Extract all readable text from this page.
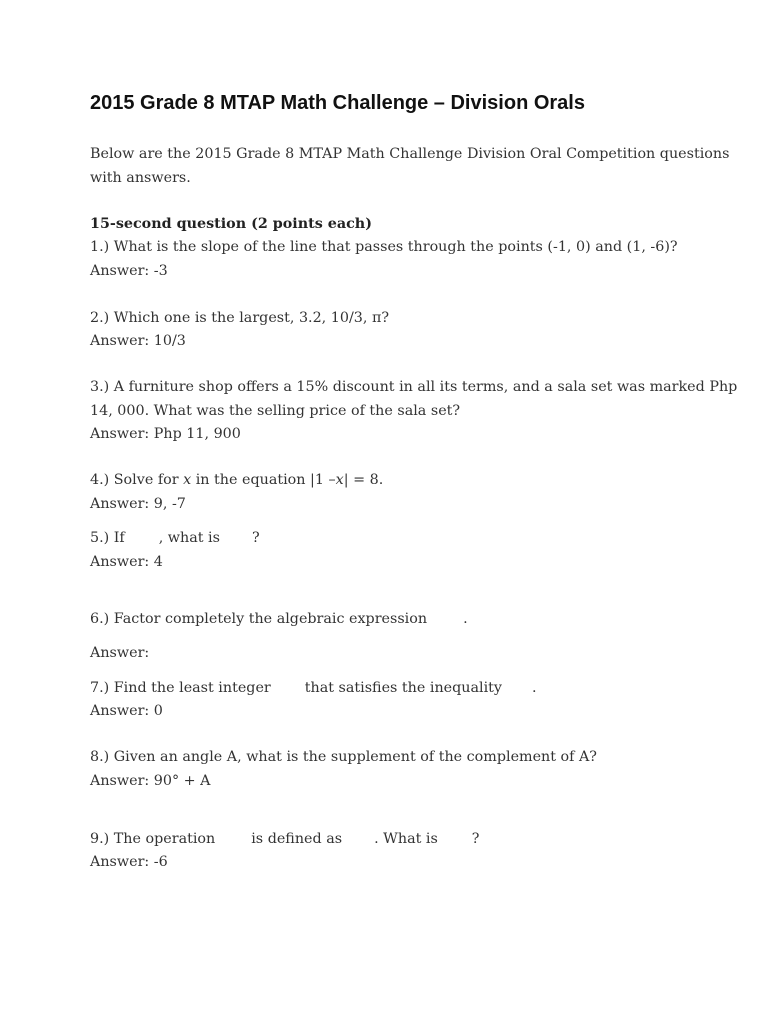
2015 Grade 8 MTAP Math Challenge – Division Orals

Below are the 2015 Grade 8 MTAP Math Challenge Division Oral Competition questions

with answers.

15-second question (2 points each)

1.) What is the slope of the line that passes through the points (-1, 0) and (1, -6)?

Answer: -3

2.) Which one is the largest, 3.2, 10/3, π?

Answer: 10/3

3.) A furniture shop offers a 15% discount in all its terms, and a sala set was marked Php

14, 000. What was the selling price of the sala set?

Answer: Php 11, 900

4.) Solve for x in the equation |1 –x| = 8.

Answer: 9, -7

5.) If , what is ?

Answer: 4

6.) Factor completely the algebraic expression	.

Answer:

7.) Find the least integer that satisfies the inequality .

Answer: 0

8.) Given an angle A, what is the supplement of the complement of A?

Answer: 90° + A

9.) The operation	is defined as . What is ?

Answer: -6
